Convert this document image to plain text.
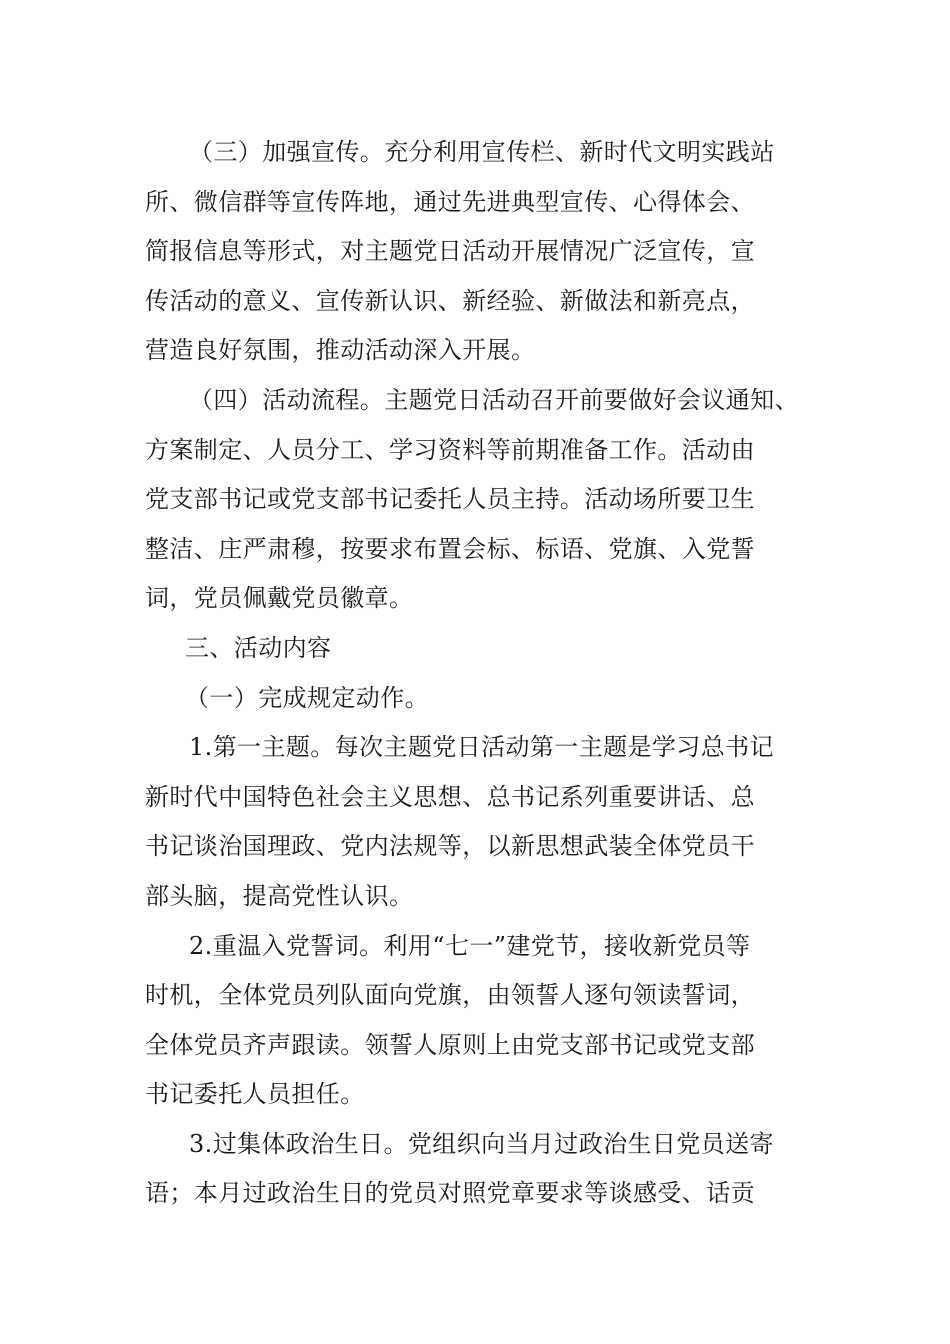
（三）加强宣传。充分利用宣传栏、新时代文明实践站
所、微信群等宣传阵地，通过先进典型宣传、心得体会、
简报信息等形式，对主题党日活动开展情况广泛宣传，宣
传活动的意义、宣传新认识、新经验、新做法和新亮点，
营造良好氛围，推动活动深入开展。

（四）活动流程。主题党日活动召开前要做好会议通知、
方案制定、人员分工、学习资料等前期准备工作。活动由
党支部书记或党支部书记委托人员主持。活动场所要卫生
整洁、庄严肃穆，按要求布置会标、标语、党旗、入党誓
词，党员佩戴党员徽章。

三、活动内容

（一）完成规定动作。

1.第一主题。每次主题党日活动第一主题是学习总书记
新时代中国特色社会主义思想、总书记系列重要讲话、总
书记谈治国理政、党内法规等，以新思想武装全体党员干
部头脑，提高党性认识。

2.重温入党誓词。利用“七一”建党节，接收新党员等
时机，全体党员列队面向党旗，由领誓人逐句领读誓词，
全体党员齐声跟读。领誓人原则上由党支部书记或党支部
书记委托人员担任。

3.过集体政治生日。党组织向当月过政治生日党员送寄
语；本月过政治生日的党员对照党章要求等谈感受、话贡
